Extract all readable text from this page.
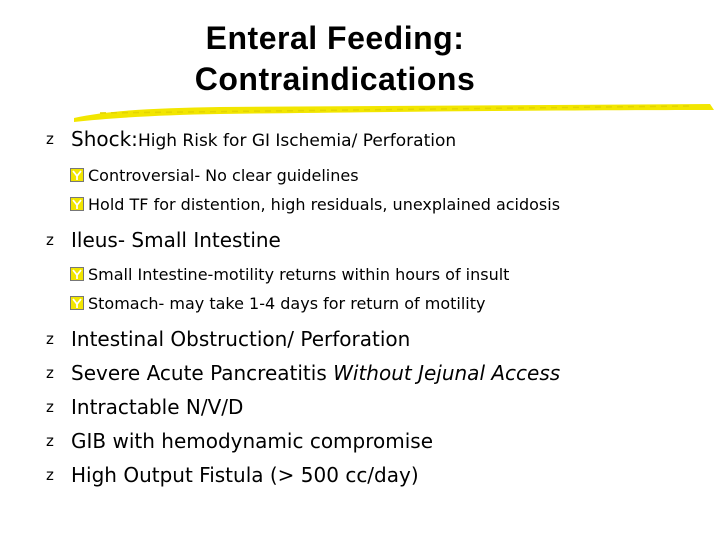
Enteral Feeding:
Contraindications
z Shock:High Risk for GI Ischemia/ Perforation
Controversial- No clear guidelines
Hold TF for distention, high residuals, unexplained acidosis
z Ileus- Small Intestine
Small Intestine-motility returns within hours of insult
Stomach- may take 1-4 days for return of motility
z Intestinal Obstruction/ Perforation
z Severe Acute Pancreatitis Without Jejunal Access
z Intractable N/V/D
z GIB with hemodynamic compromise
z High Output Fistula (> 500 cc/day)
